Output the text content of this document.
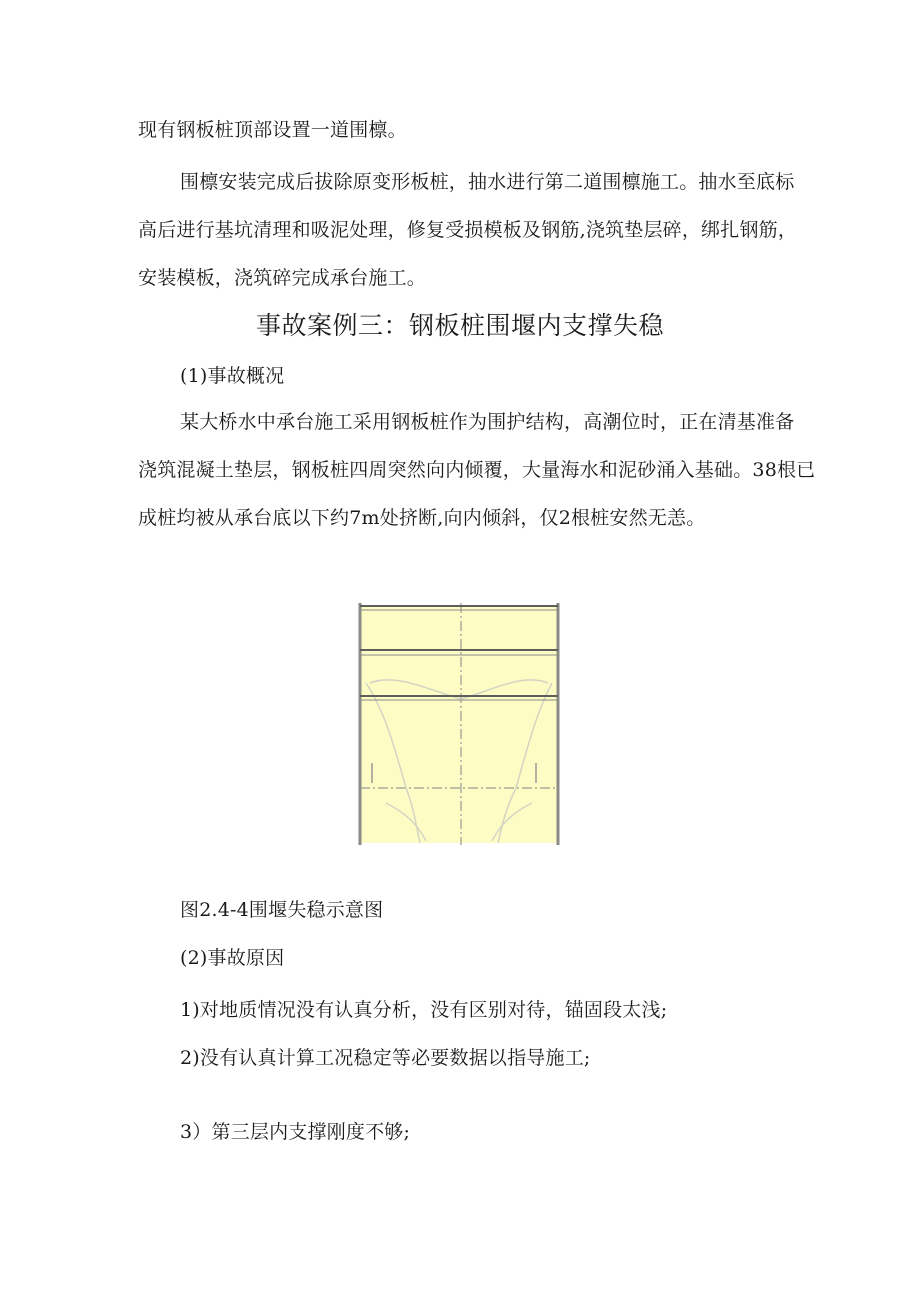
现有钢板桩顶部设置一道围檩。
围檩安装完成后拔除原变形板桩，抽水进行第二道围檩施工。抽水至底标
高后进行基坑清理和吸泥处理，修复受损模板及钢筋,浇筑垫层碎，绑扎钢筋，
安装模板，浇筑碎完成承台施工。
事故案例三：钢板桩围堰内支撑失稳
(1)事故概况
某大桥水中承台施工采用钢板桩作为围护结构，高潮位时，正在清基准备
浇筑混凝土垫层，钢板桩四周突然向内倾覆，大量海水和泥砂涌入基础。38根已
成桩均被从承台底以下约7m处挤断,向内倾斜，仅2根桩安然无恙。
图2.4-4围堰失稳示意图
(2)事故原因
1)对地质情况没有认真分析，没有区别对待，锚固段太浅;
2)没有认真计算工况稳定等必要数据以指导施工;
3）第三层内支撑刚度不够;
